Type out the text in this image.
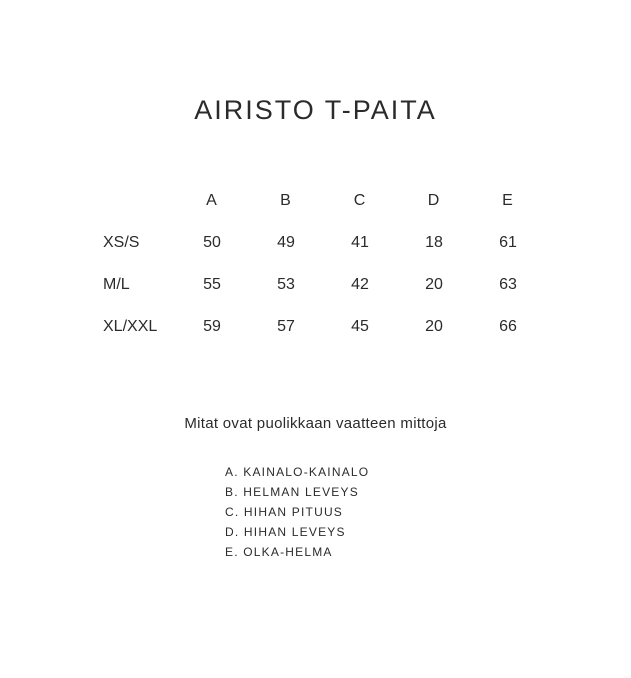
AIRISTO T-PAITA
	A	B	C	D	E
XS/S	50	49	41	18	61
M/L	55	53	42	20	63
XL/XXL	59	57	45	20	66

Mitat ovat puolikkaan vaatteen mittoja

A. KAINALO-KAINALO
B. HELMAN LEVEYS
C. HIHAN PITUUS
D. HIHAN LEVEYS
E. OLKA-HELMA
